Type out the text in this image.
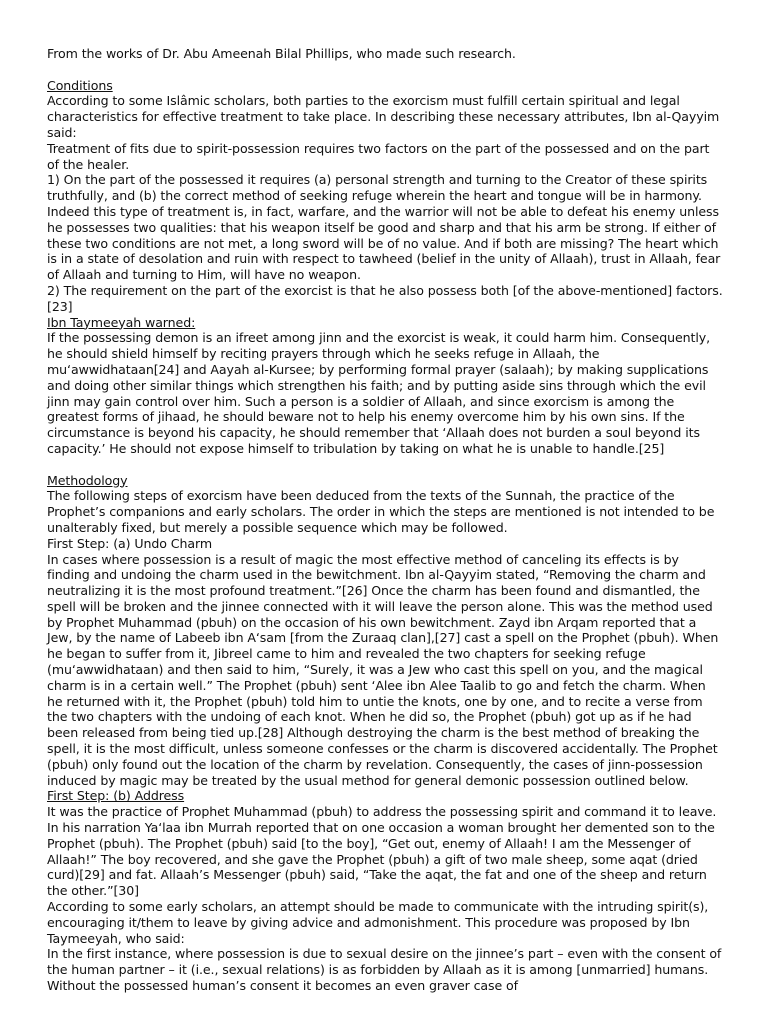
From the works of Dr. Abu Ameenah Bilal Phillips, who made such research.

Conditions

According to some Islâmic scholars, both parties to the exorcism must fulfill certain spiritual and legal characteristics for effective treatment to take place. In describing these necessary attributes, Ibn al-Qayyim said:

Treatment of fits due to spirit-possession requires two factors on the part of the possessed and on the part of the healer.

1) On the part of the possessed it requires (a) personal strength and turning to the Creator of these spirits truthfully, and (b) the correct method of seeking refuge wherein the heart and tongue will be in harmony. Indeed this type of treatment is, in fact, warfare, and the warrior will not be able to defeat his enemy unless he possesses two qualities: that his weapon itself be good and sharp and that his arm be strong. If either of these two conditions are not met, a long sword will be of no value. And if both are missing? The heart which is in a state of desolation and ruin with respect to tawheed (belief in the unity of Allaah), trust in Allaah, fear of Allaah and turning to Him, will have no weapon.

2) The requirement on the part of the exorcist is that he also possess both [of the above-mentioned] factors.[23]

Ibn Taymeeyah warned:

If the possessing demon is an ifreet among jinn and the exorcist is weak, it could harm him. Consequently, he should shield himself by reciting prayers through which he seeks refuge in Allaah, the mu‘awwidhataan[24] and Aayah al-Kursee; by performing formal prayer (salaah); by making supplications and doing other similar things which strengthen his faith; and by putting aside sins through which the evil jinn may gain control over him. Such a person is a soldier of Allaah, and since exorcism is among the greatest forms of jihaad, he should beware not to help his enemy overcome him by his own sins. If the circumstance is beyond his capacity, he should remember that ‘Allaah does not burden a soul beyond its capacity.’ He should not expose himself to tribulation by taking on what he is unable to handle.[25]

Methodology

The following steps of exorcism have been deduced from the texts of the Sunnah, the practice of the Prophet’s companions and early scholars. The order in which the steps are mentioned is not intended to be unalterably fixed, but merely a possible sequence which may be followed.

First Step: (a) Undo Charm

In cases where possession is a result of magic the most effective method of canceling its effects is by finding and undoing the charm used in the bewitchment. Ibn al-Qayyim stated, “Removing the charm and neutralizing it is the most profound treatment.”[26] Once the charm has been found and dismantled, the spell will be broken and the jinnee connected with it will leave the person alone. This was the method used by Prophet Muhammad (pbuh) on the occasion of his own bewitchment. Zayd ibn Arqam reported that a Jew, by the name of Labeeb ibn A‘sam [from the Zuraaq clan],[27] cast a spell on the Prophet (pbuh). When he began to suffer from it, Jibreel came to him and revealed the two chapters for seeking refuge (mu‘awwidhataan) and then said to him, “Surely, it was a Jew who cast this spell on you, and the magical charm is in a certain well.” The Prophet (pbuh) sent ‘Alee ibn Alee Taalib to go and fetch the charm. When he returned with it, the Prophet (pbuh) told him to untie the knots, one by one, and to recite a verse from the two chapters with the undoing of each knot. When he did so, the Prophet (pbuh) got up as if he had been released from being tied up.[28] Although destroying the charm is the best method of breaking the spell, it is the most difficult, unless someone confesses or the charm is discovered accidentally. The Prophet (pbuh) only found out the location of the charm by revelation. Consequently, the cases of jinn-possession induced by magic may be treated by the usual method for general demonic possession outlined below.

First Step: (b) Address

It was the practice of Prophet Muhammad (pbuh) to address the possessing spirit and command it to leave. In his narration Ya‘laa ibn Murrah reported that on one occasion a woman brought her demented son to the Prophet (pbuh). The Prophet (pbuh) said [to the boy], “Get out, enemy of Allaah! I am the Messenger of Allaah!” The boy recovered, and she gave the Prophet (pbuh) a gift of two male sheep, some aqat (dried curd)[29] and fat. Allaah’s Messenger (pbuh) said, “Take the aqat, the fat and one of the sheep and return the other.”[30]

According to some early scholars, an attempt should be made to communicate with the intruding spirit(s), encouraging it/them to leave by giving advice and admonishment. This procedure was proposed by Ibn Taymeeyah, who said:

In the first instance, where possession is due to sexual desire on the jinnee’s part – even with the consent of the human partner – it (i.e., sexual relations) is as forbidden by Allaah as it is among [unmarried] humans. Without the possessed human’s consent it becomes an even graver case of
